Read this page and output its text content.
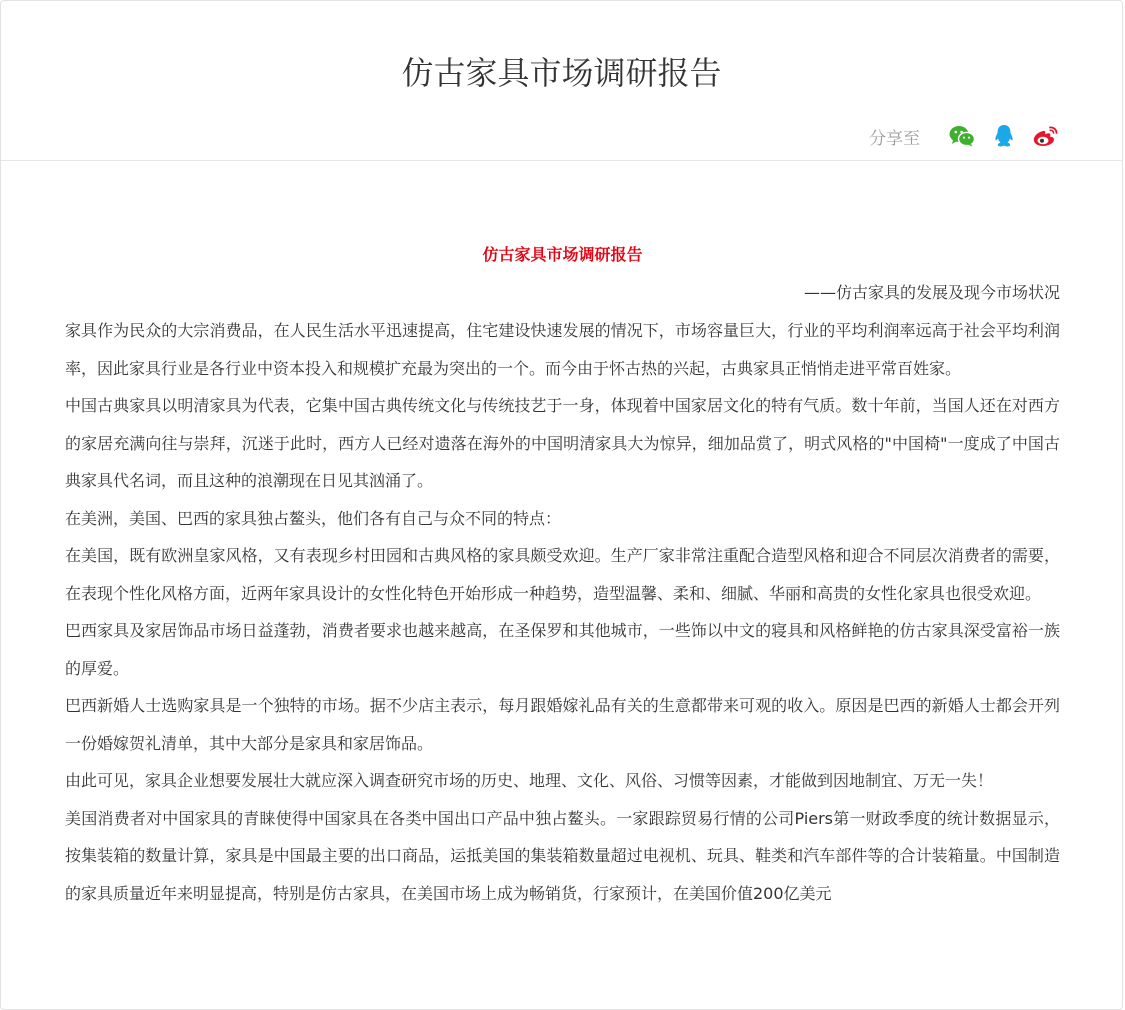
仿古家具市场调研报告
分享至

仿古家具市场调研报告

——仿古家具的发展及现今市场状况

家具作为民众的大宗消费品，在人民生活水平迅速提高，住宅建设快速发展的情况下，市场容量巨大，行业的平均利润率远高于社会平均利润率，因此家具行业是各行业中资本投入和规模扩充最为突出的一个。而今由于怀古热的兴起，古典家具正悄悄走进平常百姓家。

中国古典家具以明清家具为代表，它集中国古典传统文化与传统技艺于一身，体现着中国家居文化的特有气质。数十年前，当国人还在对西方的家居充满向往与崇拜，沉迷于此时，西方人已经对遗落在海外的中国明清家具大为惊异，细加品赏了，明式风格的"中国椅"一度成了中国古典家具代名词，而且这种的浪潮现在日见其汹涌了。

在美洲，美国、巴西的家具独占鳌头，他们各有自己与众不同的特点：

在美国，既有欧洲皇家风格，又有表现乡村田园和古典风格的家具颇受欢迎。生产厂家非常注重配合造型风格和迎合不同层次消费者的需要，在表现个性化风格方面，近两年家具设计的女性化特色开始形成一种趋势，造型温馨、柔和、细腻、华丽和高贵的女性化家具也很受欢迎。

巴西家具及家居饰品市场日益蓬勃，消费者要求也越来越高，在圣保罗和其他城市，一些饰以中文的寝具和风格鲜艳的仿古家具深受富裕一族的厚爱。

巴西新婚人士选购家具是一个独特的市场。据不少店主表示，每月跟婚嫁礼品有关的生意都带来可观的收入。原因是巴西的新婚人士都会开列一份婚嫁贺礼清单，其中大部分是家具和家居饰品。

由此可见，家具企业想要发展壮大就应深入调查研究市场的历史、地理、文化、风俗、习惯等因素，才能做到因地制宜、万无一失！

美国消费者对中国家具的青睐使得中国家具在各类中国出口产品中独占鳌头。一家跟踪贸易行情的公司Piers第一财政季度的统计数据显示，按集装箱的数量计算，家具是中国最主要的出口商品，运抵美国的集装箱数量超过电视机、玩具、鞋类和汽车部件等的合计装箱量。中国制造的家具质量近年来明显提高，特别是仿古家具，在美国市场上成为畅销货，行家预计，在美国价值200亿美元
